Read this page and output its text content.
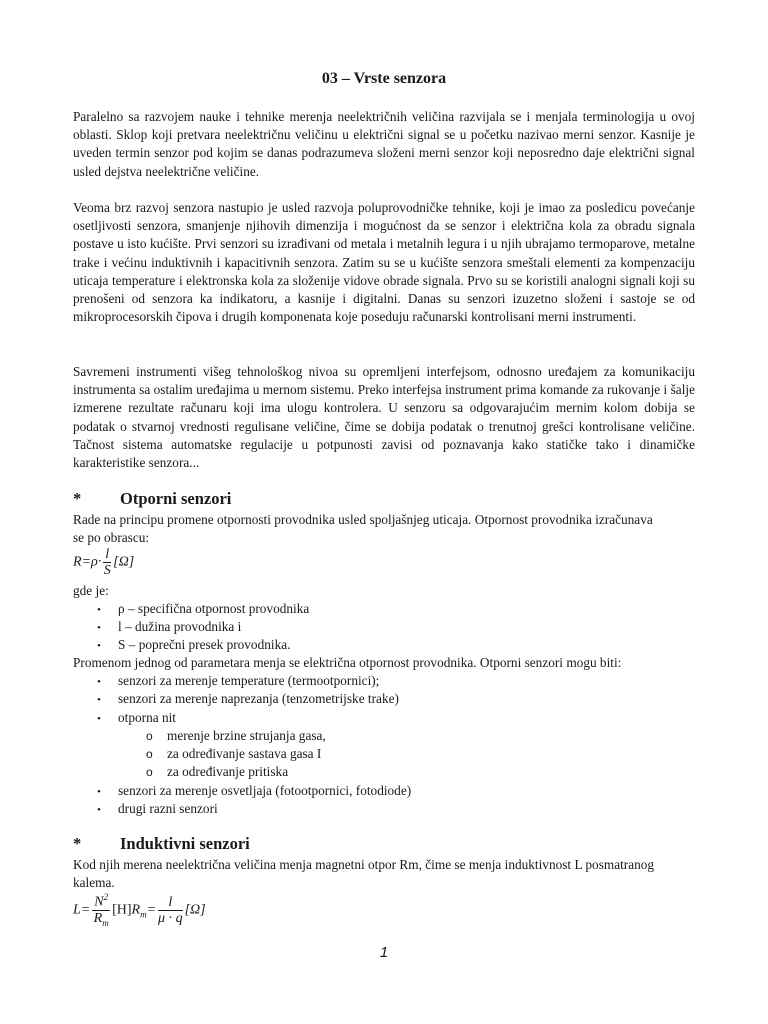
03 – Vrste senzora

Paralelno sa razvojem nauke i tehnike merenja neelektričnih veličina razvijala se i menjala terminologija u ovoj oblasti. Sklop koji pretvara neelektričnu veličinu u električni signal se u početku nazivao merni senzor. Kasnije je uveden termin senzor pod kojim se danas podrazumeva složeni merni senzor koji neposredno daje električni signal usled dejstva neelektrične veličine.

Veoma brz razvoj senzora nastupio je usled razvoja poluprovodničke tehnike, koji je imao za posledicu povećanje osetljivosti senzora, smanjenje njihovih dimenzija i mogućnost da se senzor i električna kola za obradu signala postave u isto kućište. Prvi senzori su izrađivani od metala i metalnih legura i u njih ubrajamo termoparove, metalne trake i većinu induktivnih i kapacitivnih senzora. Zatim su se u kućište senzora smeštali elementi za kompenzaciju uticaja temperature i elektronska kola za složenije vidove obrade signala. Prvo su se koristili analogni signali koji su prenošeni od senzora ka indikatoru, a kasnije i digitalni. Danas su senzori izuzetno složeni i sastoje se od mikroprocesorskih čipova i drugih komponenata koje poseduju računarski kontrolisani merni instrumenti.

Savremeni instrumenti višeg tehnološkog nivoa su opremljeni interfejsom, odnosno uređajem za komunikaciju instrumenta sa ostalim uređajima u mernom sistemu. Preko interfejsa instrument prima komande za rukovanje i šalje izmerene rezultate računaru koji ima ulogu kontrolera. U senzoru sa odgovarajućim mernim kolom dobija se podatak o stvarnoj vrednosti regulisane veličine, čime se dobija podatak o trenutnoj grešci kontrolisane veličine. Tačnost sistema automatske regulacije u potpunosti zavisi od poznavanja kako statičke tako i dinamičke karakteristike senzora...

* Otporni senzori
Rade na principu promene otpornosti provodnika usled spoljašnjeg uticaja. Otpornost provodnika izračunava
se po obrascu:
$R=\rho\cdot \frac{l}{S} [\Omega]$
gde je:
• ρ – specifična otpornost provodnika
• l – dužina provodnika i
• S – poprečni presek provodnika.
Promenom jednog od parametara menja se električna otpornost provodnika. Otporni senzori mogu biti:
• senzori za merenje temperature (termootpornici);
• senzori za merenje naprezanja (tenzometrijske trake)
• otporna nit
o merenje brzine strujanja gasa,
o za određivanje sastava gasa I
o za određivanje pritiska
• senzori za merenje osvetljaja (fotootpornici, fotodiode)
• drugi razni senzori
* Induktivni senzori
Kod njih merena neelektrična veličina menja magnetni otpor Rm, čime se menja induktivnost L posmatranog
kalema.
$L= \frac{N^2}{R_m} [H]R_m= \frac{l}{\mu \cdot q} [\Omega]$
1
